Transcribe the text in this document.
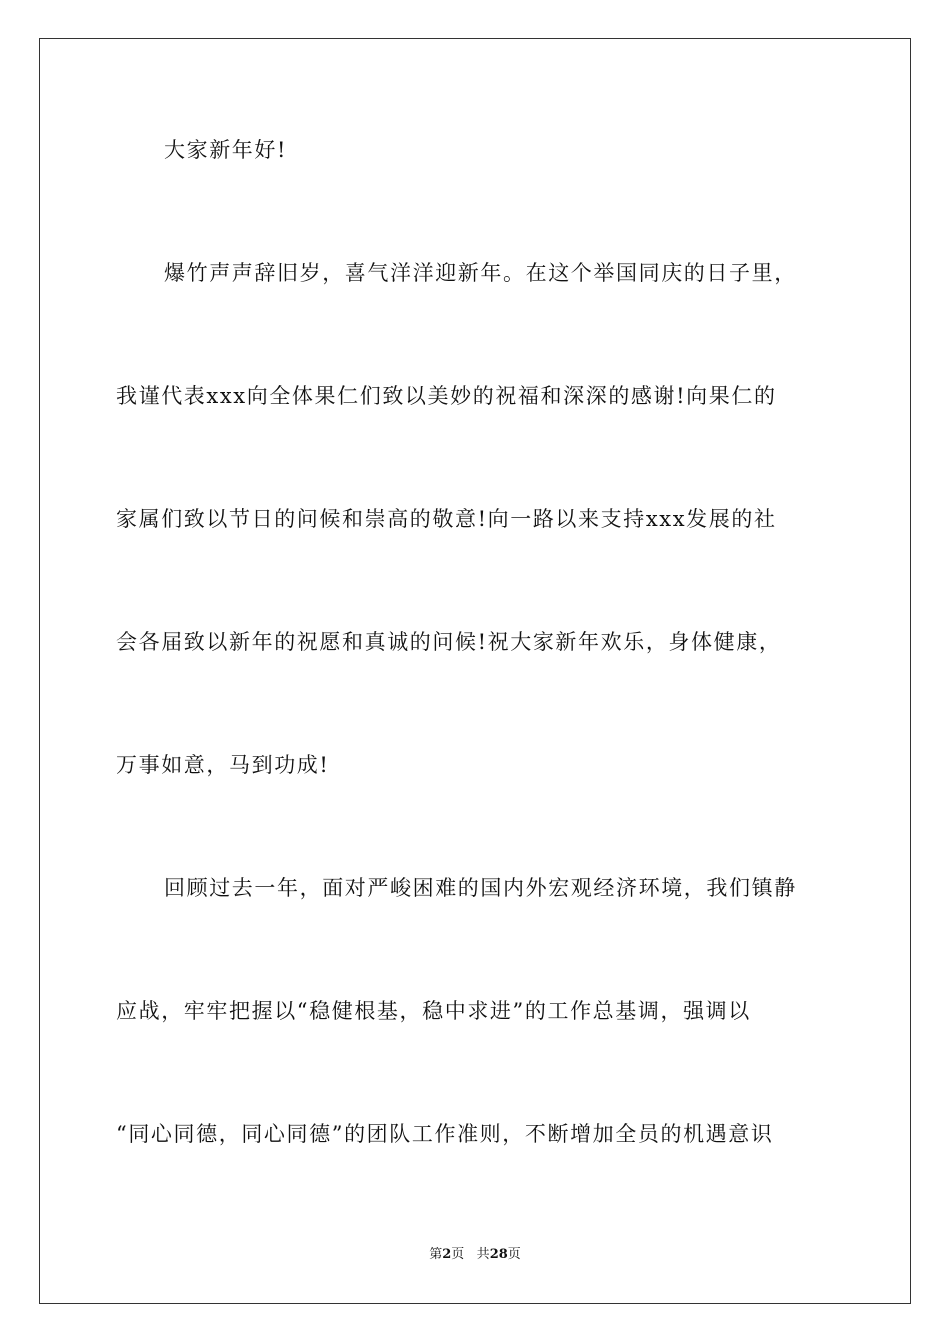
大家新年好!
爆竹声声辞旧岁，喜气洋洋迎新年。在这个举国同庆的日子里，
我谨代表xxx向全体果仁们致以美妙的祝福和深深的感谢!向果仁的
家属们致以节日的问候和崇高的敬意!向一路以来支持xxx发展的社
会各届致以新年的祝愿和真诚的问候!祝大家新年欢乐，身体健康，
万事如意，马到功成!
回顾过去一年，面对严峻困难的国内外宏观经济环境，我们镇静
应战，牢牢把握以“稳健根基，稳中求进”的工作总基调，强调以
“同心同德，同心同德”的团队工作准则，不断增加全员的机遇意识
第2页 共28页
